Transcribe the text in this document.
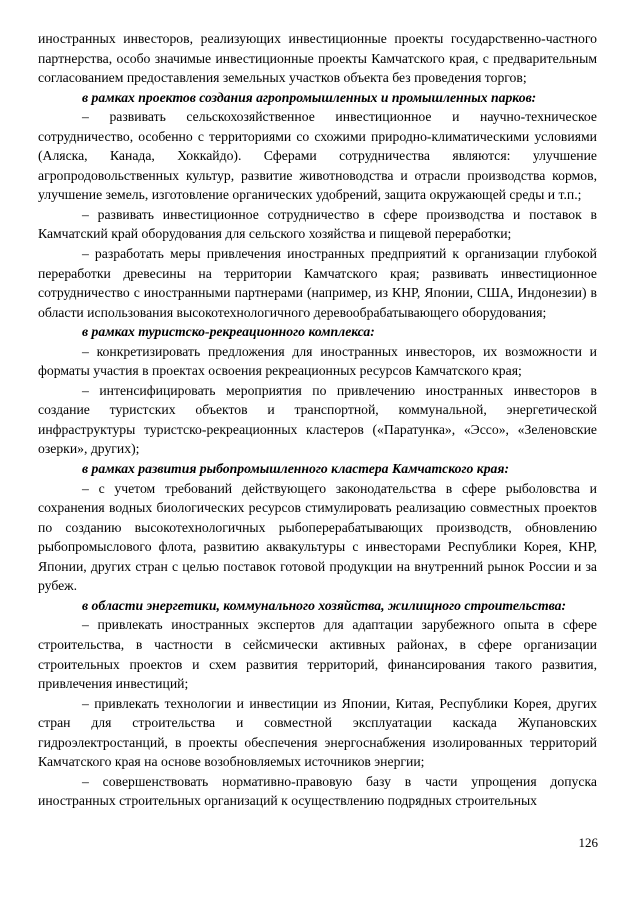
иностранных инвесторов, реализующих инвестиционные проекты государственно-частного партнерства, особо значимые инвестиционные проекты Камчатского края, с предварительным согласованием предоставления земельных участков объекта без проведения торгов;

в рамках проектов создания агропромышленных и промышленных парков:

– развивать сельскохозяйственное инвестиционное и научно-техническое сотрудничество, особенно с территориями со схожими природно-климатическими условиями (Аляска, Канада, Хоккайдо). Сферами сотрудничества являются: улучшение агропродовольственных культур, развитие животноводства и отрасли производства кормов, улучшение земель, изготовление органических удобрений, защита окружающей среды и т.п.;

– развивать инвестиционное сотрудничество в сфере производства и поставок в Камчатский край оборудования для сельского хозяйства и пищевой переработки;

– разработать меры привлечения иностранных предприятий к организации глубокой переработки древесины на территории Камчатского края; развивать инвестиционное сотрудничество с иностранными партнерами (например, из КНР, Японии, США, Индонезии) в области использования высокотехнологичного деревообрабатывающего оборудования;

в рамках туристско-рекреационного комплекса:

– конкретизировать предложения для иностранных инвесторов, их возможности и форматы участия в проектах освоения рекреационных ресурсов Камчатского края;

– интенсифицировать мероприятия по привлечению иностранных инвесторов в создание туристских объектов и транспортной, коммунальной, энергетической инфраструктуры туристско-рекреационных кластеров («Паратунка», «Эссо», «Зеленовские озерки», других);

в рамках развития рыбопромышленного кластера Камчатского края:

– с учетом требований действующего законодательства в сфере рыболовства и сохранения водных биологических ресурсов стимулировать реализацию совместных проектов по созданию высокотехнологичных рыбоперерабатывающих производств, обновлению рыбопромыслового флота, развитию аквакультуры с инвесторами Республики Корея, КНР, Японии, других стран с целью поставок готовой продукции на внутренний рынок России и за рубеж.

в области энергетики, коммунального хозяйства, жилищного строительства:

– привлекать иностранных экспертов для адаптации зарубежного опыта в сфере строительства, в частности в сейсмически активных районах, в сфере организации строительных проектов и схем развития территорий, финансирования такого развития, привлечения инвестиций;

– привлекать технологии и инвестиции из Японии, Китая, Республики Корея, других стран для строительства и совместной эксплуатации каскада Жупановских гидроэлектростанций, в проекты обеспечения энергоснабжения изолированных территорий Камчатского края на основе возобновляемых источников энергии;

– совершенствовать нормативно-правовую базу в части упрощения допуска иностранных строительных организаций к осуществлению подрядных строительных

126
